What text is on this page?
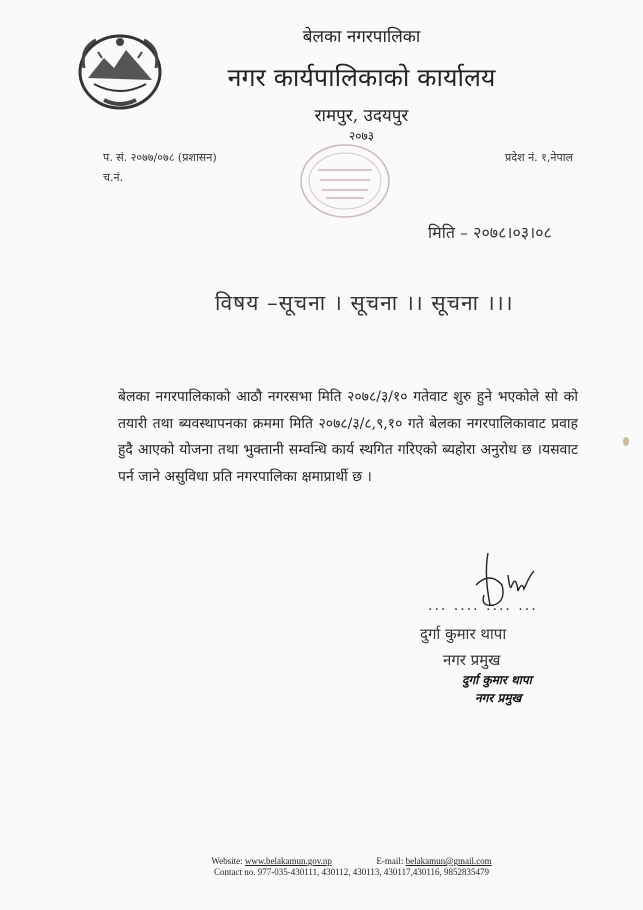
बेलका नगरपालिका
नगर कार्यपालिकाको कार्यालय
रामपुर, उदयपुर
२०७३
प. सं. २०७७/०७८ (प्रशासन)
च.नं.
प्रदेश नं. १,नेपाल
मिति – २०७८।०३।०८
विषय –सूचना । सूचना ।। सूचना ।।।
बेलका नगरपालिकाको आठौ नगरसभा मिति २०७८/३/१० गतेवाट शुरु हुने भएकोले सो को तयारी तथा ब्यवस्थापनका क्रममा मिति २०७८/३/८,९,१० गते बेलका नगरपालिकावाट प्रवाह हुदै आएको योजना तथा भुक्तानी सम्वन्धि कार्य स्थगित गरिएको ब्यहोरा अनुरोध छ ।यसवाट पर्न जाने असुविधा प्रति नगरपालिका क्षमाप्रार्थी छ ।
... .... .... ...
दुर्गा कुमार थापा
नगर प्रमुख
दुर्गा कुमार थापा
नगर प्रमुख
Website: www.belakamun.gov.np	E-mail: belakamun@gmail.com
Contact no. 977-035-430111, 430112, 430113, 430117,430116, 9852835479
